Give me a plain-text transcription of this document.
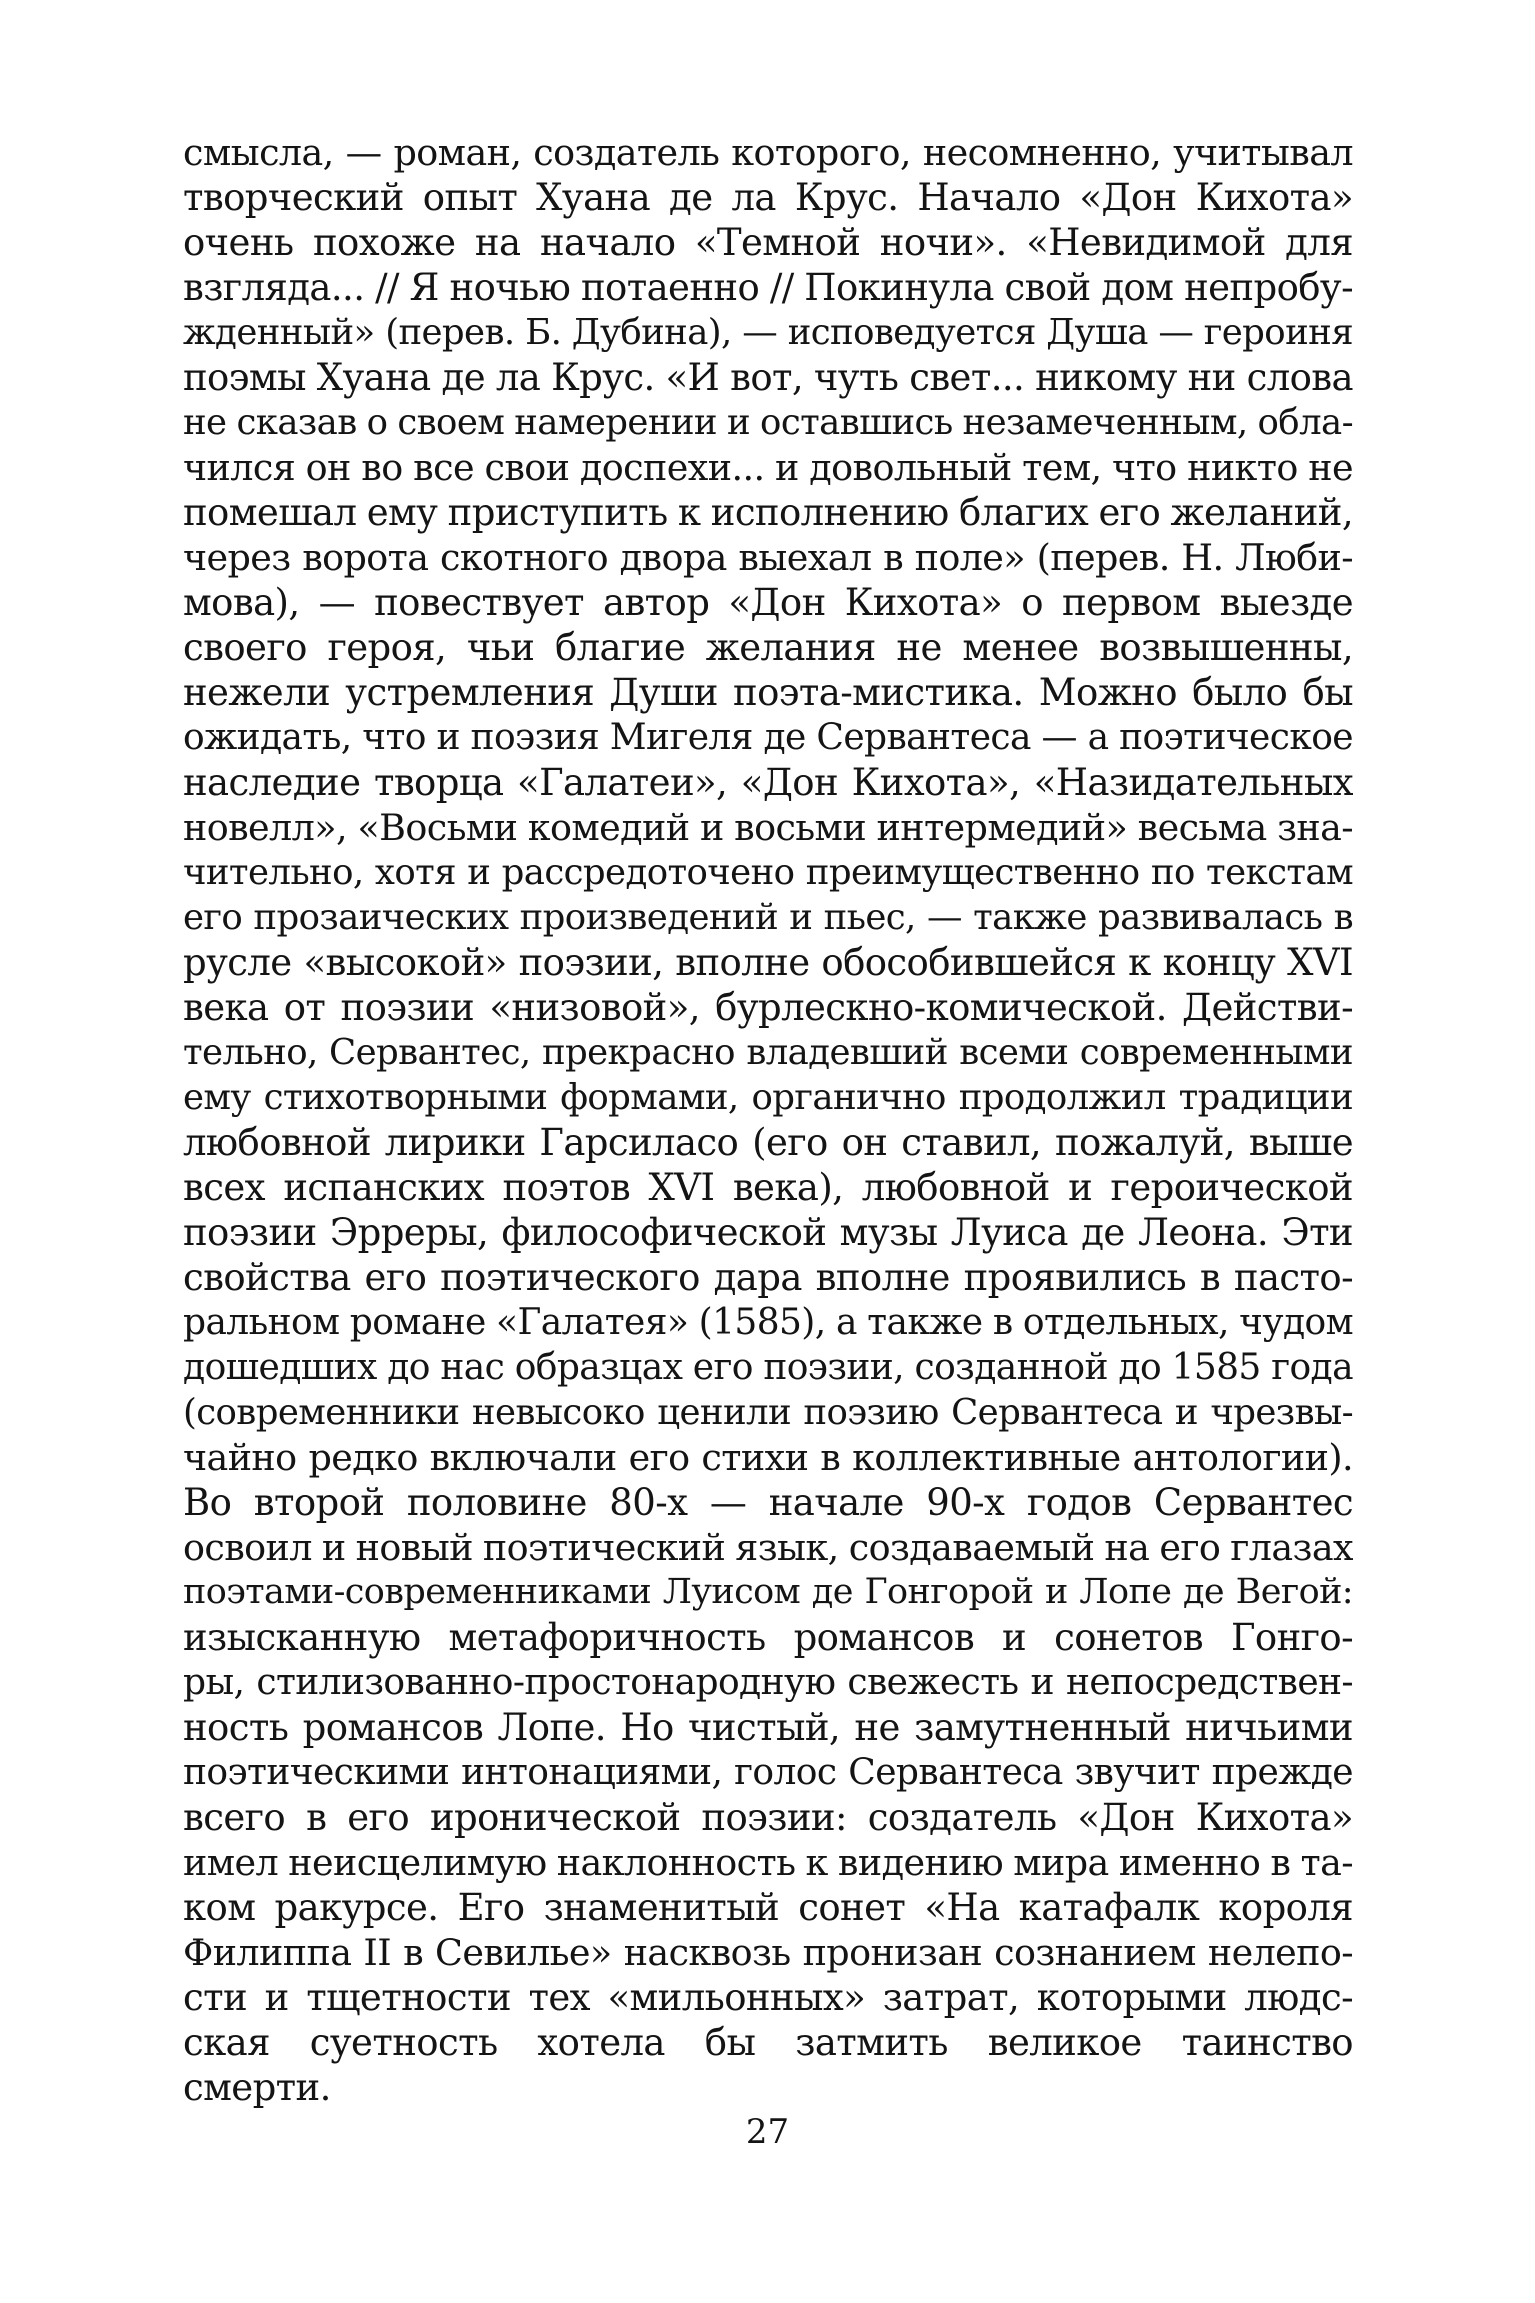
смысла, — роман, создатель которого, несомненно, учитывал
творческий опыт Хуана де ла Крус. Начало «Дон Кихота»
очень похоже на начало «Темной ночи». «Невидимой для
взгляда... // Я ночью потаенно // Покинула свой дом непробу-
жденный» (перев. Б. Дубина), — исповедуется Душа — героиня
поэмы Хуана де ла Крус. «И вот, чуть свет... никому ни слова
не сказав о своем намерении и оставшись незамеченным, обла-
чился он во все свои доспехи... и довольный тем, что никто не
помешал ему приступить к исполнению благих его желаний,
через ворота скотного двора выехал в поле» (перев. Н. Люби-
мова), — повествует автор «Дон Кихота» о первом выезде
своего героя, чьи благие желания не менее возвышенны,
нежели устремления Души поэта-мистика. Можно было бы
ожидать, что и поэзия Мигеля де Сервантеса — а поэтическое
наследие творца «Галатеи», «Дон Кихота», «Назидательных
новелл», «Восьми комедий и восьми интермедий» весьма зна-
чительно, хотя и рассредоточено преимущественно по текстам
его прозаических произведений и пьес, — также развивалась в
русле «высокой» поэзии, вполне обособившейся к концу XVI
века от поэзии «низовой», бурлескно-комической. Действи-
тельно, Сервантес, прекрасно владевший всеми современными
ему стихотворными формами, органично продолжил традиции
любовной лирики Гарсиласо (его он ставил, пожалуй, выше
всех испанских поэтов XVI века), любовной и героической
поэзии Эрреры, философической музы Луиса де Леона. Эти
свойства его поэтического дара вполне проявились в пасто-
ральном романе «Галатея» (1585), а также в отдельных, чудом
дошедших до нас образцах его поэзии, созданной до 1585 года
(современники невысоко ценили поэзию Сервантеса и чрезвы-
чайно редко включали его стихи в коллективные антологии).
Во второй половине 80-х — начале 90-х годов Сервантес
освоил и новый поэтический язык, создаваемый на его глазах
поэтами-современниками Луисом де Гонгорой и Лопе де Вегой:
изысканную метафоричность романсов и сонетов Гонго-
ры, стилизованно-простонародную свежесть и непосредствен-
ность романсов Лопе. Но чистый, не замутненный ничьими
поэтическими интонациями, голос Сервантеса звучит прежде
всего в его иронической поэзии: создатель «Дон Кихота»
имел неисцелимую наклонность к видению мира именно в та-
ком ракурсе. Его знаменитый сонет «На катафалк короля
Филиппа II в Севилье» насквозь пронизан сознанием нелепо-
сти и тщетности тех «мильонных» затрат, которыми людс-
ская суетность хотела бы затмить великое таинство
смерти.
27
